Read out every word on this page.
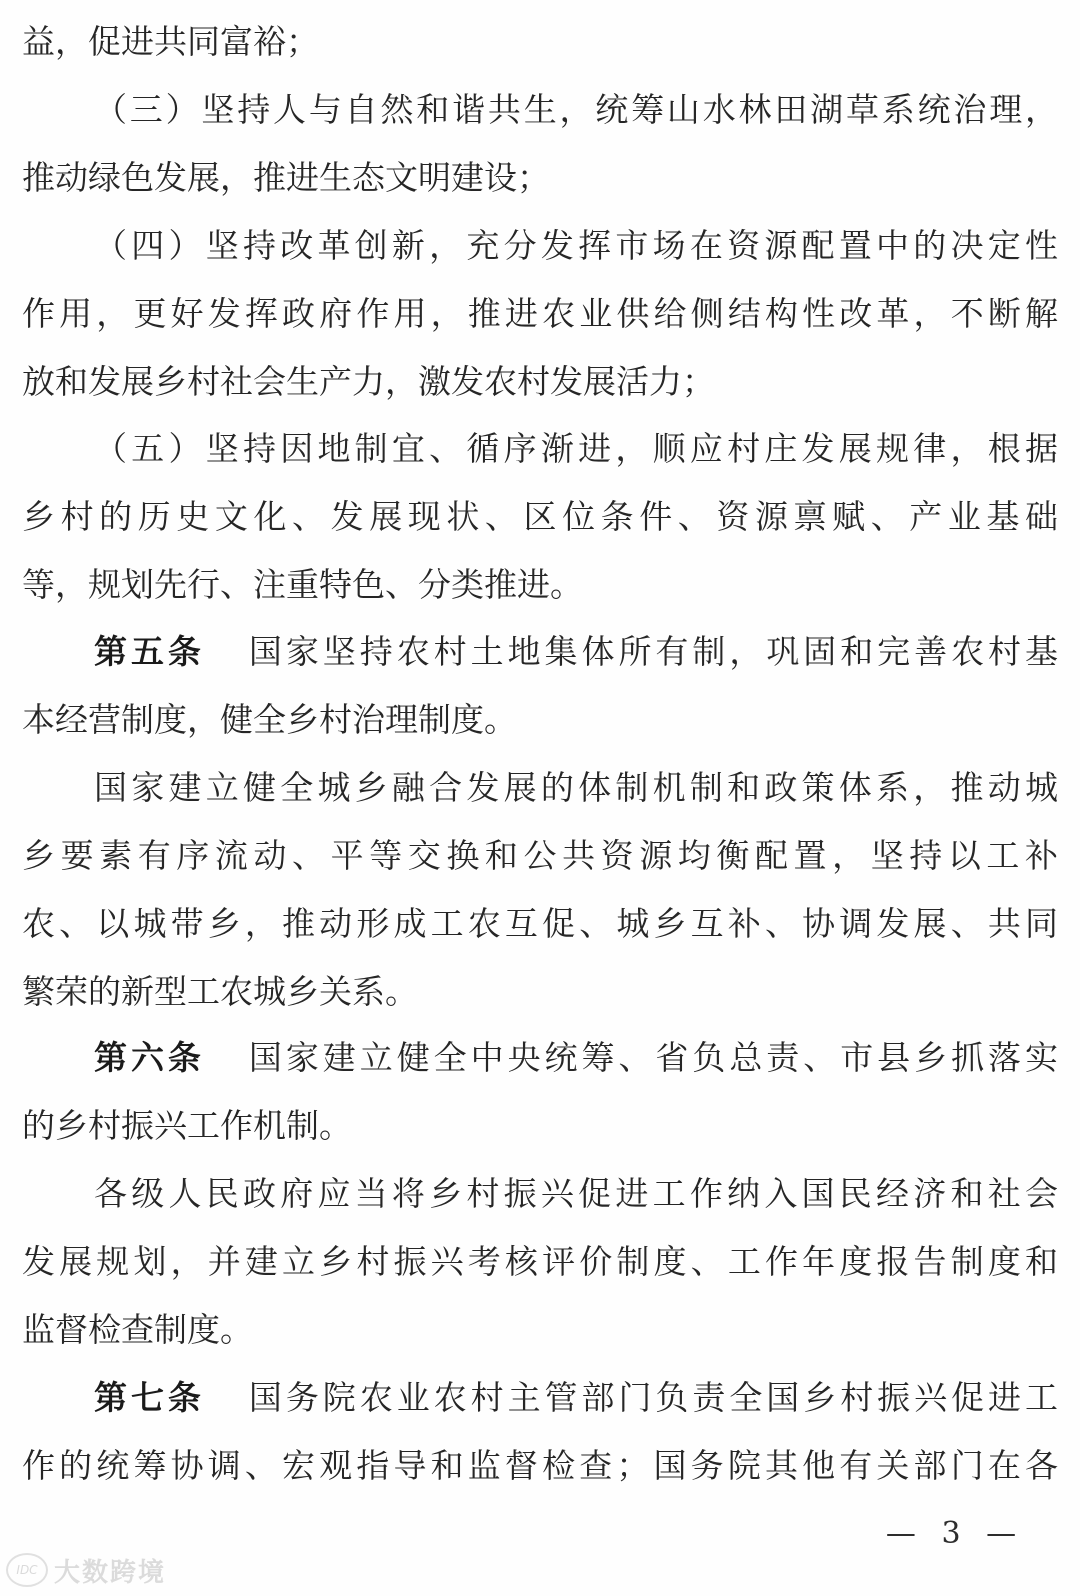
益，促进共同富裕；
（三）坚持人与自然和谐共生，统筹山水林田湖草系统治理，
推动绿色发展，推进生态文明建设；
（四）坚持改革创新，充分发挥市场在资源配置中的决定性
作用，更好发挥政府作用，推进农业供给侧结构性改革，不断解
放和发展乡村社会生产力，激发农村发展活力；
（五）坚持因地制宜、循序渐进，顺应村庄发展规律，根据
乡村的历史文化、发展现状、区位条件、资源禀赋、产业基础
等，规划先行、注重特色、分类推进。
第五条 国家坚持农村土地集体所有制，巩固和完善农村基
本经营制度，健全乡村治理制度。
国家建立健全城乡融合发展的体制机制和政策体系，推动城
乡要素有序流动、平等交换和公共资源均衡配置，坚持以工补
农、以城带乡，推动形成工农互促、城乡互补、协调发展、共同
繁荣的新型工农城乡关系。
第六条 国家建立健全中央统筹、省负总责、市县乡抓落实
的乡村振兴工作机制。
各级人民政府应当将乡村振兴促进工作纳入国民经济和社会
发展规划，并建立乡村振兴考核评价制度、工作年度报告制度和
监督检查制度。
第七条 国务院农业农村主管部门负责全国乡村振兴促进工
作的统筹协调、宏观指导和监督检查；国务院其他有关部门在各
— 3 —
IDC 大数跨境
